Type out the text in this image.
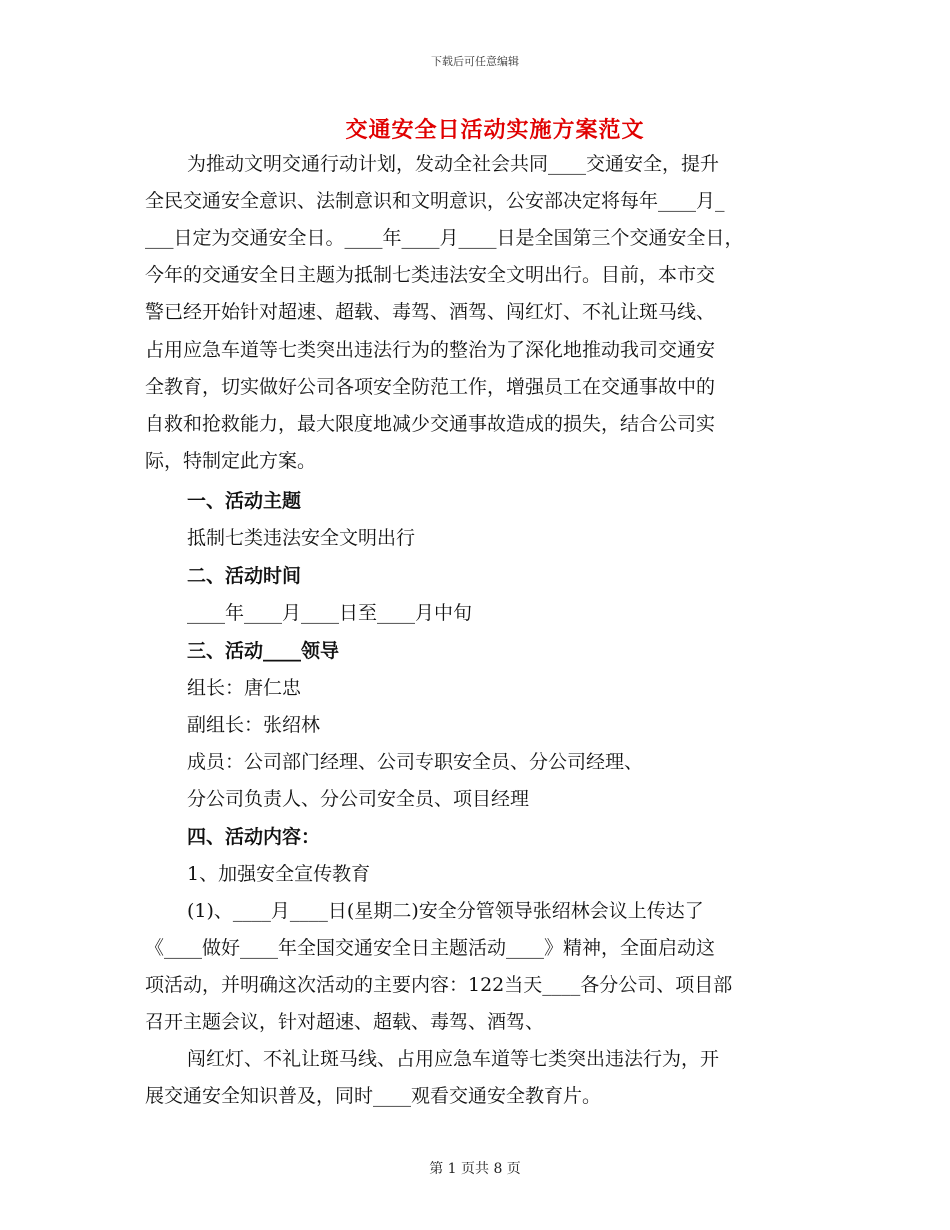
下载后可任意编辑
交通安全日活动实施方案范文
为推动文明交通行动计划，发动全社会共同____交通安全，提升
全民交通安全意识、法制意识和文明意识，公安部决定将每年____月_
___日定为交通安全日。____年____月____日是全国第三个交通安全日，
今年的交通安全日主题为抵制七类违法安全文明出行。目前，本市交
警已经开始针对超速、超载、毒驾、酒驾、闯红灯、不礼让斑马线、
占用应急车道等七类突出违法行为的整治为了深化地推动我司交通安
全教育，切实做好公司各项安全防范工作，增强员工在交通事故中的
自救和抢救能力，最大限度地减少交通事故造成的损失，结合公司实
际，特制定此方案。
一、活动主题
抵制七类违法安全文明出行
二、活动时间
____年____月____日至____月中旬
三、活动____领导
组长：唐仁忠
副组长：张绍林
成员：公司部门经理、公司专职安全员、分公司经理、
分公司负责人、分公司安全员、项目经理
四、活动内容：
1、加强安全宣传教育
(1)、____月____日(星期二)安全分管领导张绍林会议上传达了
《____做好____年全国交通安全日主题活动____》精神，全面启动这
项活动，并明确这次活动的主要内容：122当天____各分公司、项目部
召开主题会议，针对超速、超载、毒驾、酒驾、
闯红灯、不礼让斑马线、占用应急车道等七类突出违法行为，开
展交通安全知识普及，同时____观看交通安全教育片。
第 1 页共 8 页
